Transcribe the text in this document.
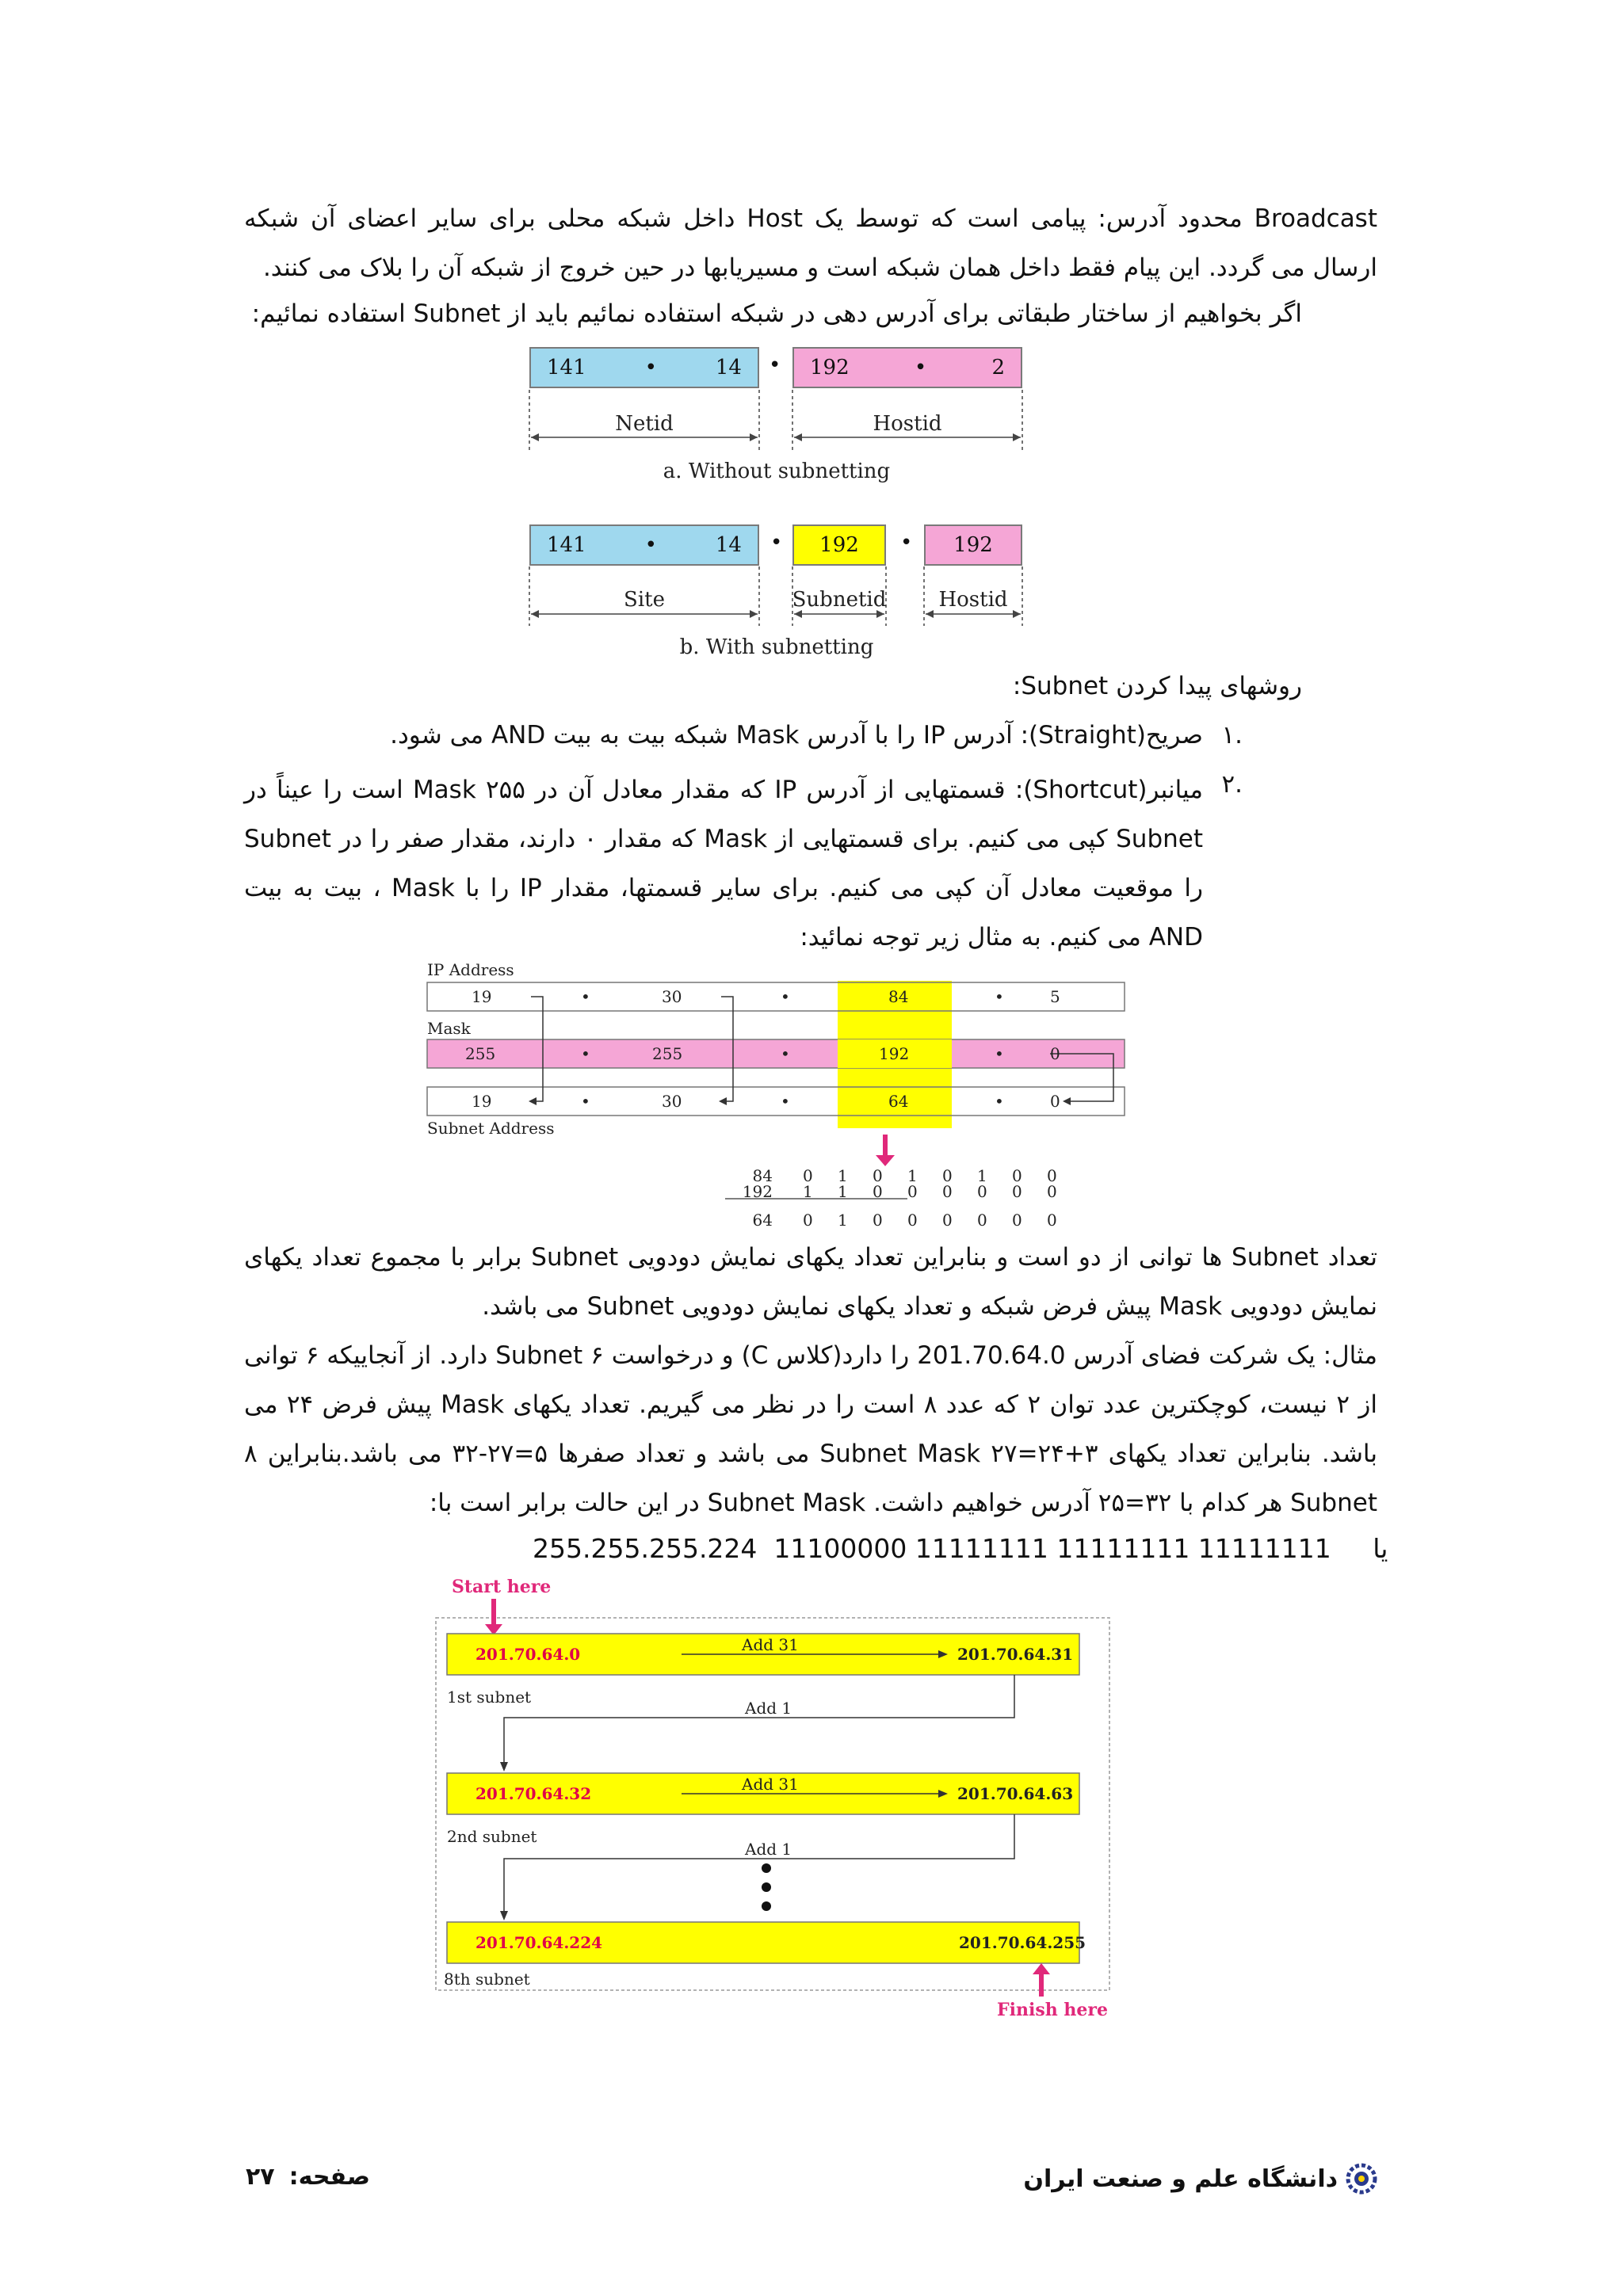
Broadcast محدود آدرس: پیامی است که توسط یک Host داخل شبکه محلی برای سایر اعضای آن شبکه ارسال می گردد. این پیام فقط داخل همان شبکه است و مسیریابها در حین خروج از شبکه آن را بلاک می کنند.
اگر بخواهیم از ساختار طبقاتی برای آدرس دهی در شبکه استفاده نمائیم باید از Subnet استفاده نمائیم:
141	•	14 • 192	•	2
Netid	Hostid
a. Without subnetting
141	•	14 • 192 • 192
Site	Subnetid	Hostid
b. With subnetting
روشهای پیدا کردن Subnet:
.۱
صریح(Straight): آدرس IP را با آدرس Mask شبکه بیت به بیت AND می شود.
.۲
میانبر(Shortcut): قسمتهایی از آدرس IP که مقدار معادل آن در Mask ۲۵۵ است را عیناً در Subnet کپی می کنیم. برای قسمتهایی از Mask که مقدار ۰ دارند، مقدار صفر را در Subnet را موقعیت معادل آن کپی می کنیم. برای سایر قسمتها، مقدار IP را با Mask ، بیت به بیت AND می کنیم. به مثال زیر توجه نمائید:
IP Address
Mask
Subnet Address
19	•	30	•	84	•	5
255	•	255	•	192	•	0
19	•	30	•	64	•	0
84 0 1 0 1 0 1 0 0
192 1 1 0 0 0 0 0 0
64 0 1 0 0 0 0 0 0
تعداد Subnet ها توانی از دو است و بنابراین تعداد یکهای نمایش دودویی Subnet برابر با مجموع تعداد یکهای نمایش دودویی Mask پیش فرض شبکه و تعداد یکهای نمایش دودویی Subnet می باشد.
مثال: یک شرکت فضای آدرس 201.70.64.0 را دارد(کلاس C) و درخواست ۶ Subnet دارد. از آنجاییکه ۶ توانی از ۲ نیست، کوچکترین عدد توان ۲ که عدد ۸ است را در نظر می گیریم. تعداد یکهای Mask پیش فرض ۲۴ می باشد. بنابراین تعداد یکهای Subnet Mask ۲۷=۲۴+۳ می باشد و تعداد صفرها ۵=۲۷-۳۲ می باشد.بنابراین ۸ Subnet هر کدام با ۳۲=۲۵ آدرس خواهیم داشت. Subnet Mask در این حالت برابر است با:
255.255.255.224  یا     11111111 11111111 11111111 11100000
Start here
201.70.64.0	Add 31	201.70.64.31
1st subnet
Add 1
201.70.64.32	Add 31	201.70.64.63
2nd subnet
Add 1
201.70.64.224	201.70.64.255
8th subnet
Finish here
دانشگاه علم و صنعت ایران
صفحه:
۲۷
